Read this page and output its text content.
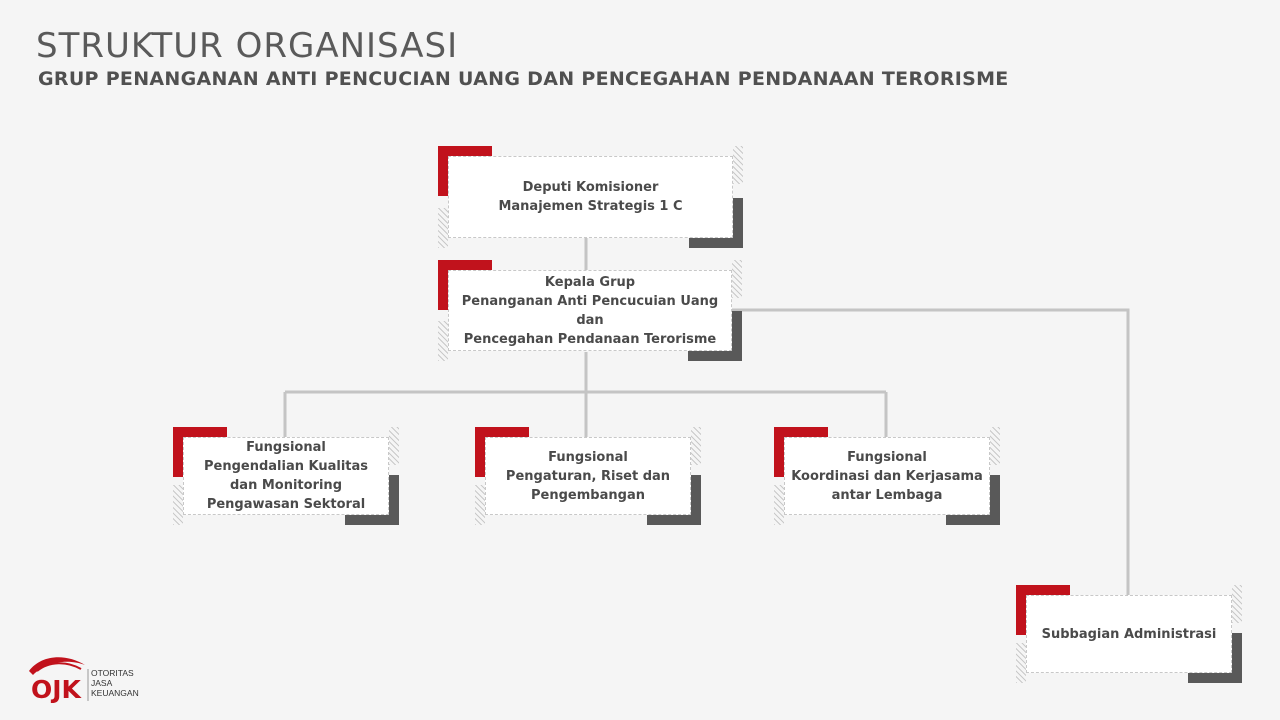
STRUKTUR ORGANISASI
GRUP PENANGANAN ANTI PENCUCIAN UANG DAN PENCEGAHAN PENDANAAN TERORISME
Deputi Komisioner
Manajemen Strategis 1 C
Kepala Grup
Penanganan Anti Pencucuian Uang dan
Pencegahan Pendanaan Terorisme
Fungsional
Pengendalian Kualitas
dan Monitoring
Pengawasan Sektoral
Fungsional
Pengaturan, Riset dan
Pengembangan
Fungsional
Koordinasi dan Kerjasama
antar Lembaga
Subbagian Administrasi
OJK
OTORITAS
JASA
KEUANGAN
